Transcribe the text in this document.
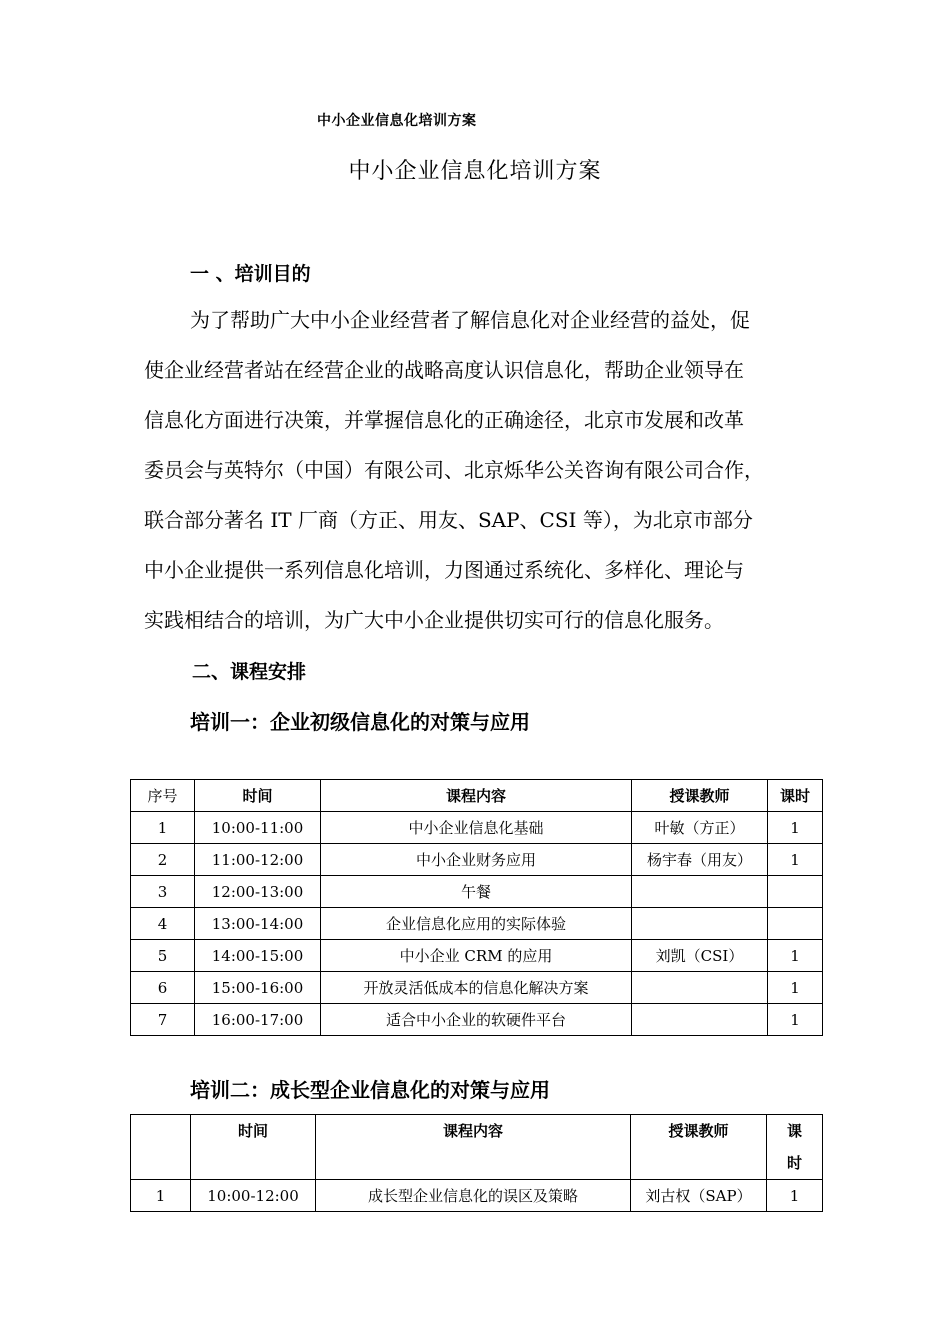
中小企业信息化培训方案
中小企业信息化培训方案
一 、培训目的
为了帮助广大中小企业经营者了解信息化对企业经营的益处，促
使企业经营者站在经营企业的战略高度认识信息化，帮助企业领导在
信息化方面进行决策，并掌握信息化的正确途径，北京市发展和改革
委员会与英特尔（中国）有限公司、北京烁华公关咨询有限公司合作，
联合部分著名 IT 厂商（方正、用友、SAP、CSI 等），为北京市部分
中小企业提供一系列信息化培训，力图通过系统化、多样化、理论与
实践相结合的培训，为广大中小企业提供切实可行的信息化服务。
二、课程安排
培训一：企业初级信息化的对策与应用
序号	时间	课程内容	授课教师	课时
1	10:00-11:00	中小企业信息化基础	叶敏（方正）	1
2	11:00-12:00	中小企业财务应用	杨宇春（用友）	1
3	12:00-13:00	午餐		
4	13:00-14:00	企业信息化应用的实际体验		
5	14:00-15:00	中小企业 CRM 的应用	刘凯（CSI）	1
6	15:00-16:00	开放灵活低成本的信息化解决方案		1
7	16:00-17:00	适合中小企业的软硬件平台		1
培训二：成长型企业信息化的对策与应用
	时间	课程内容	授课教师	课
时

1	10:00-12:00	成长型企业信息化的误区及策略	刘古权（SAP）	1
